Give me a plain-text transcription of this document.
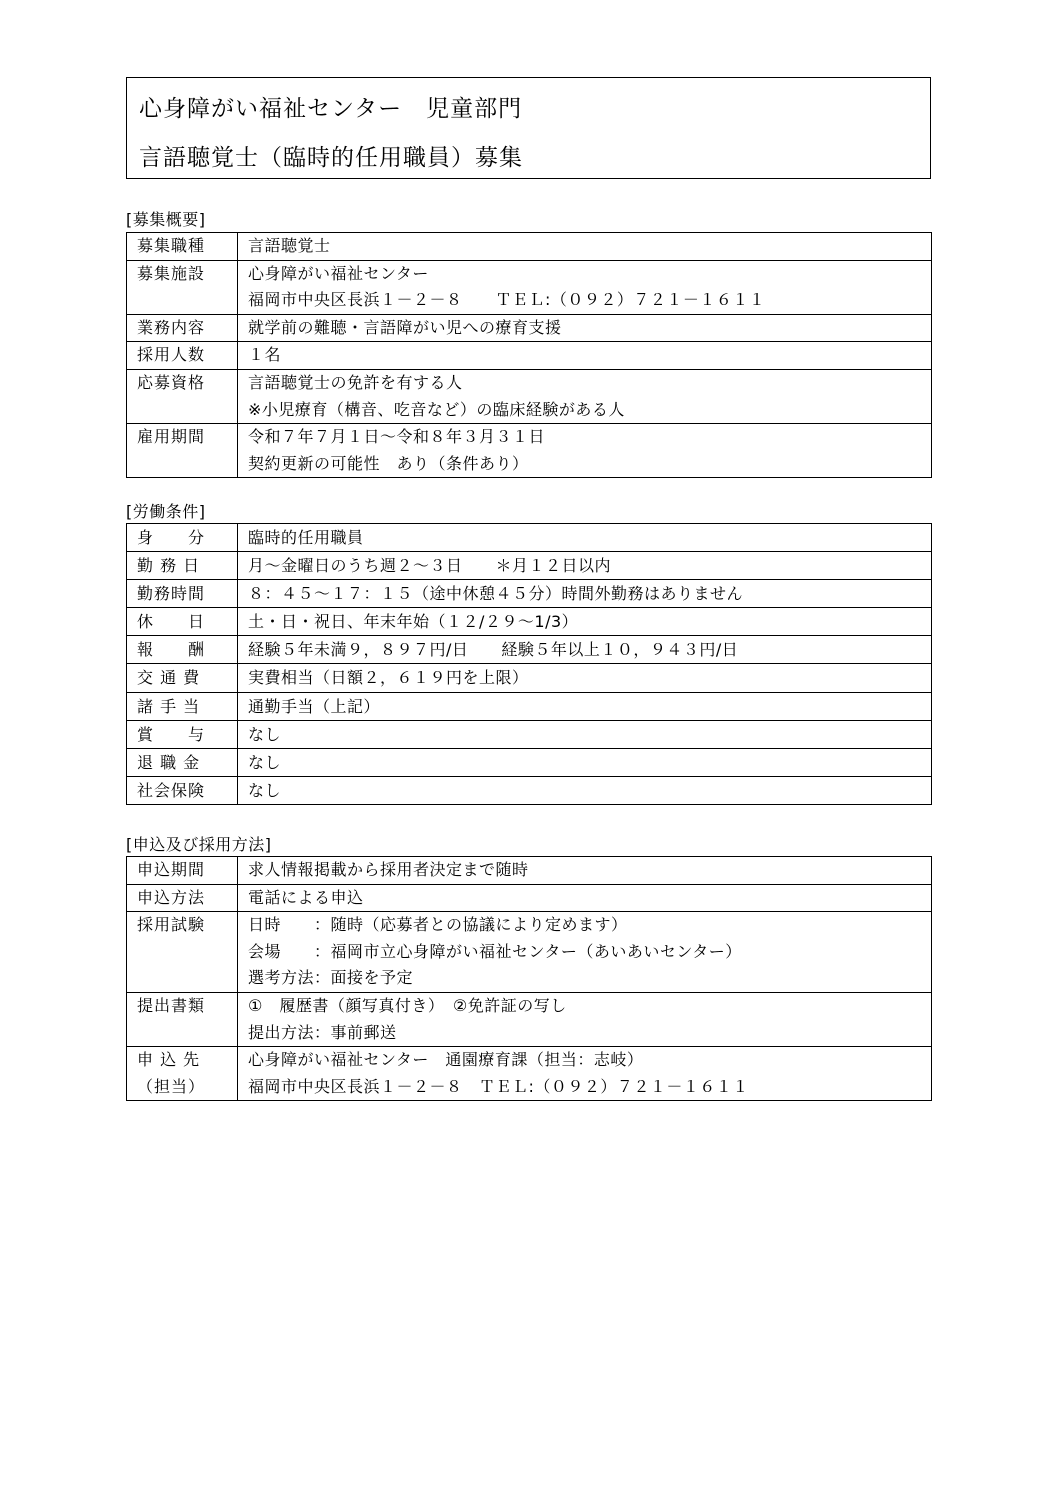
心身障がい福祉センター　児童部門
言語聴覚士（臨時的任用職員）募集
[募集概要]
募集職種	言語聴覚士

募集施設	心身障がい福祉センター
福岡市中央区長浜１－２－８　　ＴＥＬ:（０９２）７２１－１６１１

業務内容	就学前の難聴・言語障がい児への療育支援

採用人数	１名

応募資格	言語聴覚士の免許を有する人
※小児療育（構音、吃音など）の臨床経験がある人

雇用期間	令和７年７月１日～令和８年３月３１日
契約更新の可能性　あり（条件あり）
[労働条件]
身　　分	臨時的任用職員

勤 務 日	月～金曜日のうち週２～３日　　＊月１２日以内

勤務時間	８：４５～１７：１５（途中休憩４５分）時間外勤務はありません

休　　日	土・日・祝日、年末年始（１２/２９～1/3）

報　　酬	経験５年未満９，８９７円/日　　経験５年以上１０，９４３円/日

交 通 費	実費相当（日額２，６１９円を上限）

諸 手 当	通勤手当（上記）

賞　　与	なし

退 職 金	なし

社会保険	なし
[申込及び採用方法]
申込期間	求人情報掲載から採用者決定まで随時

申込方法	電話による申込

採用試験	日時　　：随時（応募者との協議により定めます）
会場　　：福岡市立心身障がい福祉センター（あいあいセンター）
選考方法：面接を予定

提出書類	①　履歴書（顔写真付き）　②免許証の写し
提出方法：事前郵送

申 込 先
（担当）	心身障がい福祉センター　通園療育課（担当：志岐）
福岡市中央区長浜１－２－８　ＴＥＬ:（０９２）７２１－１６１１
